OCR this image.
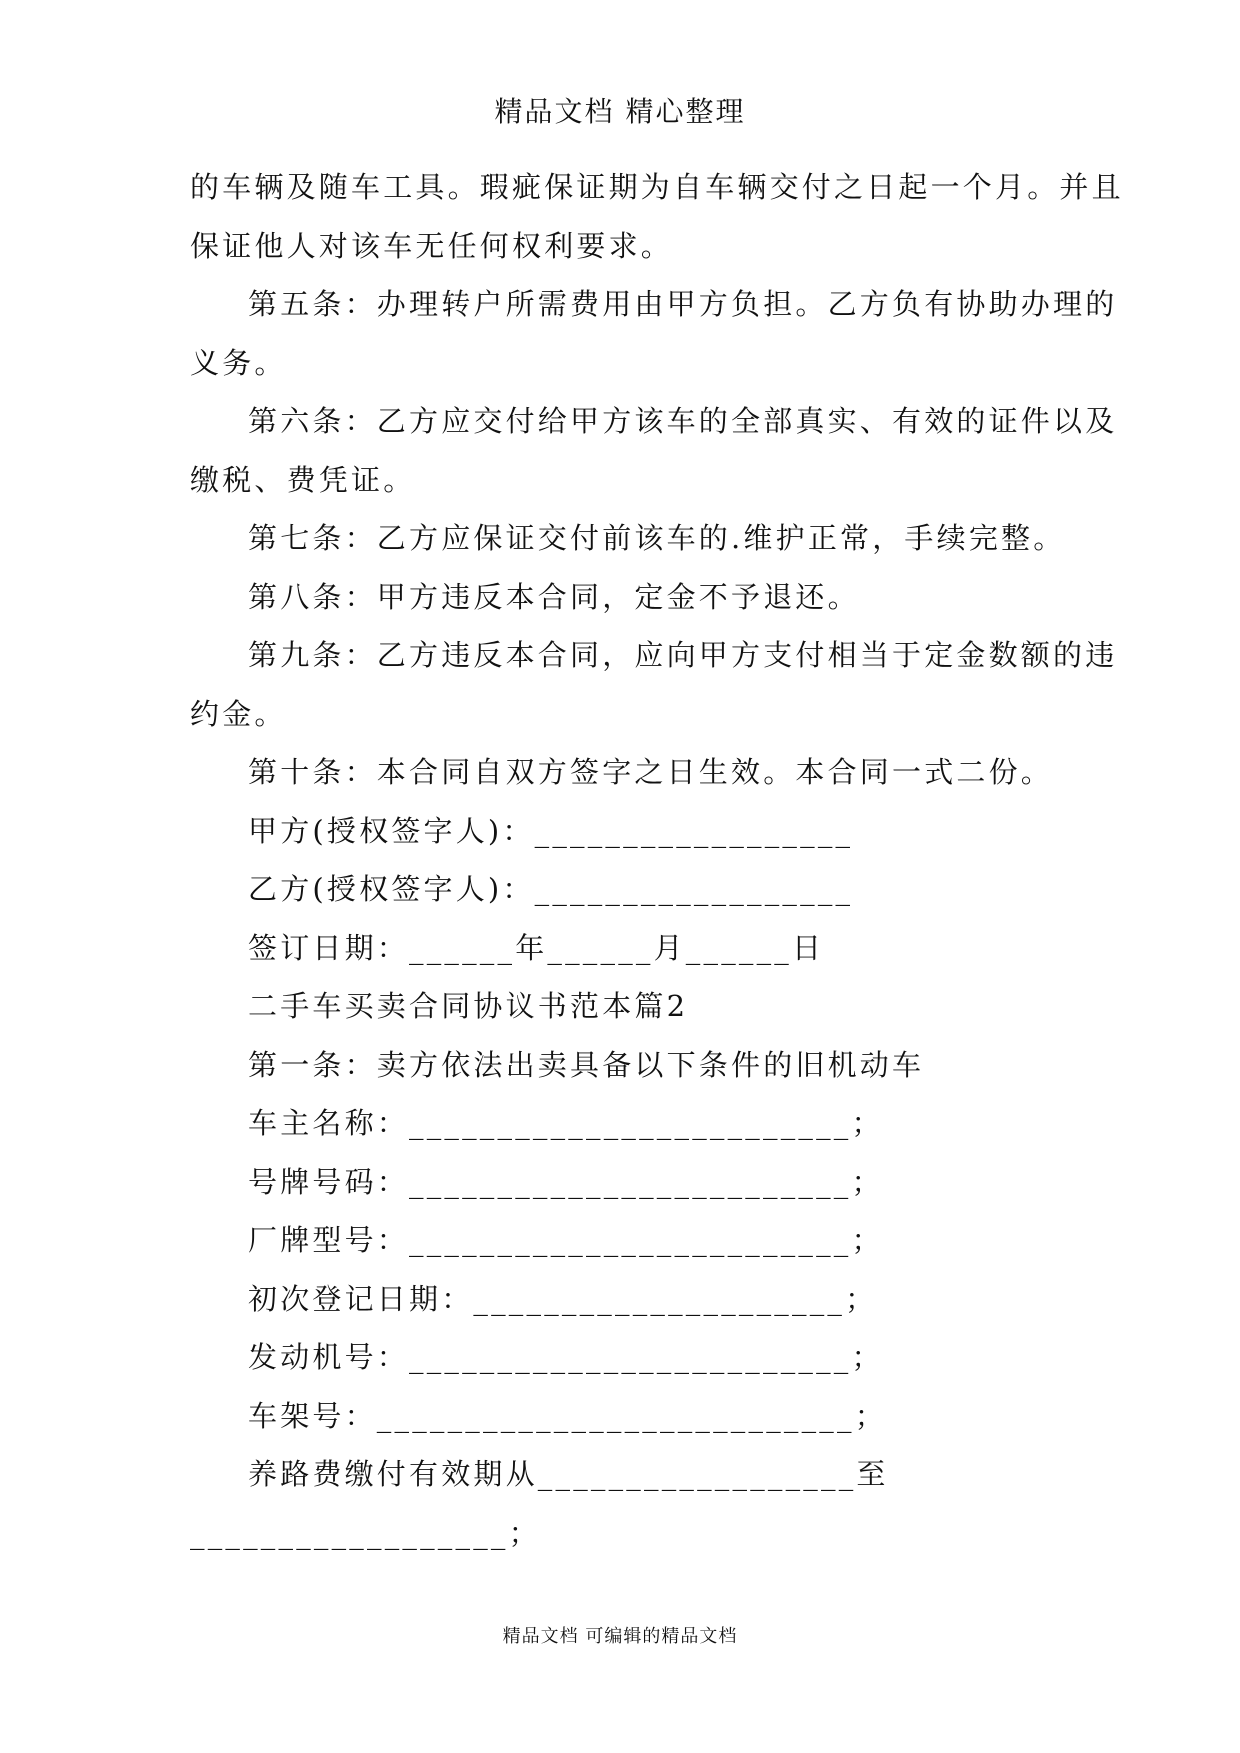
精品文档 精心整理
的车辆及随车工具。瑕疵保证期为自车辆交付之日起一个月。并且
保证他人对该车无任何权利要求。
第五条：办理转户所需费用由甲方负担。乙方负有协助办理的
义务。
第六条：乙方应交付给甲方该车的全部真实、有效的证件以及
缴税、费凭证。
第七条：乙方应保证交付前该车的.维护正常，手续完整。
第八条：甲方违反本合同，定金不予退还。
第九条：乙方违反本合同，应向甲方支付相当于定金数额的违
约金。
第十条：本合同自双方签字之日生效。本合同一式二份。
甲方(授权签字人)：__________________
乙方(授权签字人)：__________________
签订日期：______年______月______日
二手车买卖合同协议书范本篇2
第一条：卖方依法出卖具备以下条件的旧机动车
车主名称：_________________________；
号牌号码：_________________________；
厂牌型号：_________________________；
初次登记日期：_____________________；
发动机号：_________________________；
车架号：___________________________；
养路费缴付有效期从__________________至
__________________；
精品文档 可编辑的精品文档
